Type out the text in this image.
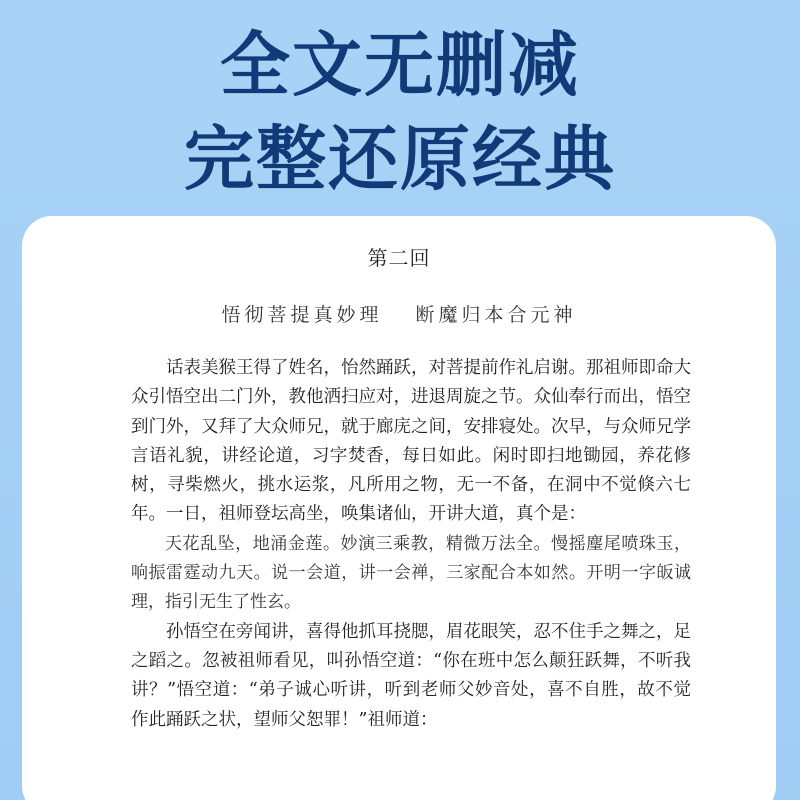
全文无删减
完整还原经典
第二回
悟彻菩提真妙理　 断魔归本合元神

话表美猴王得了姓名，怡然踊跃，对菩提前作礼启谢。那祖师即命大众引悟空出二门外，教他洒扫应对，进退周旋之节。众仙奉行而出，悟空到门外，又拜了大众师兄，就于廊庑之间，安排寝处。次早，与众师兄学言语礼貌，讲经论道，习字焚香，每日如此。闲时即扫地锄园，养花修树，寻柴燃火，挑水运浆，凡所用之物，无一不备，在洞中不觉倏六七年。一日，祖师登坛高坐，唤集诸仙，开讲大道，真个是：

天花乱坠，地涌金莲。妙演三乘教，精微万法全。慢摇麈尾喷珠玉，响振雷霆动九天。说一会道，讲一会禅，三家配合本如然。开明一字皈诚理，指引无生了性玄。

孙悟空在旁闻讲，喜得他抓耳挠腮，眉花眼笑，忍不住手之舞之，足之蹈之。忽被祖师看见，叫孙悟空道：“你在班中怎么颠狂跃舞，不听我讲？”悟空道：“弟子诚心听讲，听到老师父妙音处，喜不自胜，故不觉作此踊跃之状，望师父恕罪！”祖师道：
